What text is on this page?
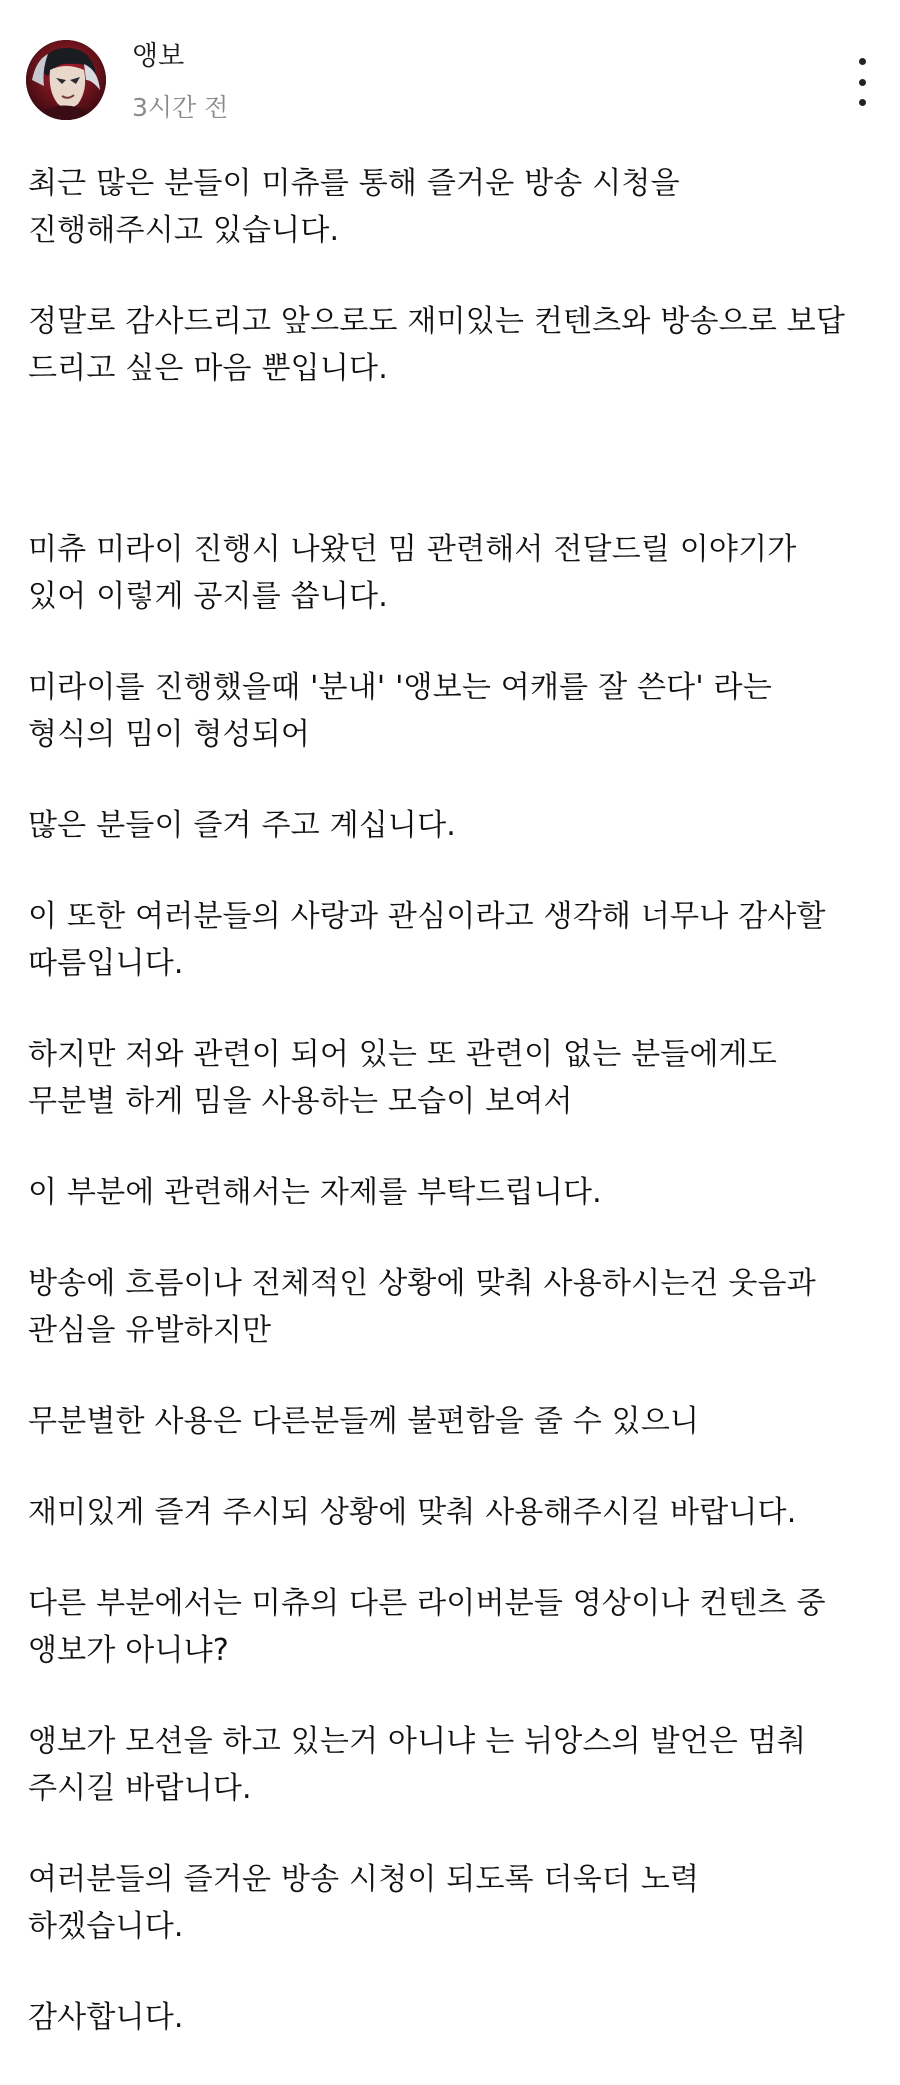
앵보
3시간 전

최근 많은 분들이 미츄를 통해 즐거운 방송 시청을
진행해주시고 있습니다.

정말로 감사드리고 앞으로도 재미있는 컨텐츠와 방송으로 보답
드리고 싶은 마음 뿐입니다.

미츄 미라이 진행시 나왔던 밈 관련해서 전달드릴 이야기가
있어 이렇게 공지를 씁니다.

미라이를 진행했을때 '분내' '앵보는 여캐를 잘 쓴다' 라는
형식의 밈이 형성되어

많은 분들이 즐겨 주고 계십니다.

이 또한 여러분들의 사랑과 관심이라고 생각해 너무나 감사할
따름입니다.

하지만 저와 관련이 되어 있는 또 관련이 없는 분들에게도
무분별 하게 밈을 사용하는 모습이 보여서

이 부분에 관련해서는 자제를 부탁드립니다.

방송에 흐름이나 전체적인 상황에 맞춰 사용하시는건 웃음과
관심을 유발하지만

무분별한 사용은 다른분들께 불편함을 줄 수 있으니

재미있게 즐겨 주시되 상황에 맞춰 사용해주시길 바랍니다.

다른 부분에서는 미츄의 다른 라이버분들 영상이나 컨텐츠 중
앵보가 아니냐?

앵보가 모션을 하고 있는거 아니냐 는 뉘앙스의 발언은 멈춰
주시길 바랍니다.

여러분들의 즐거운 방송 시청이 되도록 더욱더 노력
하겠습니다.

감사합니다.
